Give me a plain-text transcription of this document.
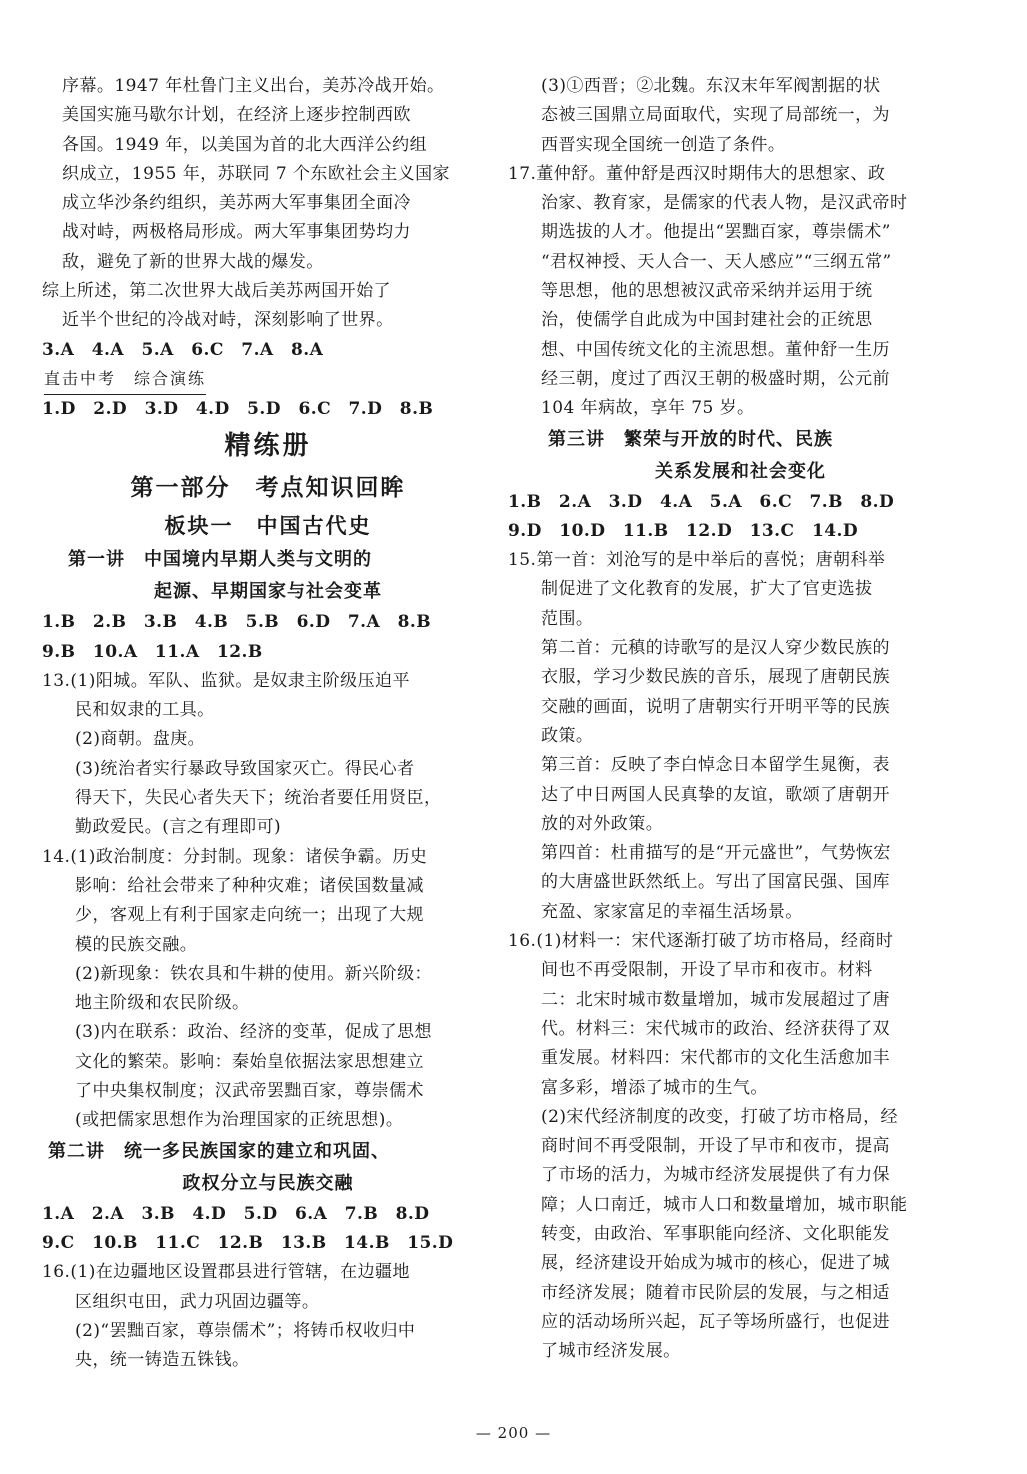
序幕。1947 年杜鲁门主义出台，美苏冷战开始。
美国实施马歇尔计划，在经济上逐步控制西欧
各国。1949 年，以美国为首的北大西洋公约组
织成立，1955 年，苏联同 7 个东欧社会主义国家
成立华沙条约组织，美苏两大军事集团全面冷
战对峙，两极格局形成。两大军事集团势均力
敌，避免了新的世界大战的爆发。
综上所述，第二次世界大战后美苏两国开始了
近半个世纪的冷战对峙，深刻影响了世界。
3.A　4.A　5.A　6.C　7.A　8.A
直击中考　综合演练
1.D　2.D　3.D　4.D　5.D　6.C　7.D　8.B
精练册
第一部分　考点知识回眸
板块一　中国古代史
第一讲　中国境内早期人类与文明的
起源、早期国家与社会变革
1.B　2.B　3.B　4.B　5.B　6.D　7.A　8.B
9.B　10.A　11.A　12.B
13.(1)阳城。军队、监狱。是奴隶主阶级压迫平
民和奴隶的工具。
(2)商朝。盘庚。
(3)统治者实行暴政导致国家灭亡。得民心者
得天下，失民心者失天下；统治者要任用贤臣，
勤政爱民。(言之有理即可)
14.(1)政治制度：分封制。现象：诸侯争霸。历史
影响：给社会带来了种种灾难；诸侯国数量减
少，客观上有利于国家走向统一；出现了大规
模的民族交融。
(2)新现象：铁农具和牛耕的使用。新兴阶级：
地主阶级和农民阶级。
(3)内在联系：政治、经济的变革，促成了思想
文化的繁荣。影响：秦始皇依据法家思想建立
了中央集权制度；汉武帝罢黜百家，尊崇儒术
(或把儒家思想作为治理国家的正统思想)。
第二讲　统一多民族国家的建立和巩固、
政权分立与民族交融
1.A　2.A　3.B　4.D　5.D　6.A　7.B　8.D
9.C　10.B　11.C　12.B　13.B　14.B　15.D
16.(1)在边疆地区设置郡县进行管辖，在边疆地
区组织屯田，武力巩固边疆等。
(2)“罢黜百家，尊崇儒术”；将铸币权收归中
央，统一铸造五铢钱。
(3)①西晋；②北魏。东汉末年军阀割据的状
态被三国鼎立局面取代，实现了局部统一，为
西晋实现全国统一创造了条件。
17.董仲舒。董仲舒是西汉时期伟大的思想家、政
治家、教育家，是儒家的代表人物，是汉武帝时
期选拔的人才。他提出“罢黜百家，尊崇儒术”
“君权神授、天人合一、天人感应”“三纲五常”
等思想，他的思想被汉武帝采纳并运用于统
治，使儒学自此成为中国封建社会的正统思
想、中国传统文化的主流思想。董仲舒一生历
经三朝，度过了西汉王朝的极盛时期，公元前
104 年病故，享年 75 岁。
第三讲　繁荣与开放的时代、民族
关系发展和社会变化
1.B　2.A　3.D　4.A　5.A　6.C　7.B　8.D
9.D　10.D　11.B　12.D　13.C　14.D
15.第一首：刘沧写的是中举后的喜悦；唐朝科举
制促进了文化教育的发展，扩大了官吏选拔
范围。
第二首：元稹的诗歌写的是汉人穿少数民族的
衣服，学习少数民族的音乐，展现了唐朝民族
交融的画面，说明了唐朝实行开明平等的民族
政策。
第三首：反映了李白悼念日本留学生晁衡，表
达了中日两国人民真挚的友谊，歌颂了唐朝开
放的对外政策。
第四首：杜甫描写的是“开元盛世”，气势恢宏
的大唐盛世跃然纸上。写出了国富民强、国库
充盈、家家富足的幸福生活场景。
16.(1)材料一：宋代逐渐打破了坊市格局，经商时
间也不再受限制，开设了早市和夜市。材料
二：北宋时城市数量增加，城市发展超过了唐
代。材料三：宋代城市的政治、经济获得了双
重发展。材料四：宋代都市的文化生活愈加丰
富多彩，增添了城市的生气。
(2)宋代经济制度的改变，打破了坊市格局，经
商时间不再受限制，开设了早市和夜市，提高
了市场的活力，为城市经济发展提供了有力保
障；人口南迁，城市人口和数量增加，城市职能
转变，由政治、军事职能向经济、文化职能发
展，经济建设开始成为城市的核心，促进了城
市经济发展；随着市民阶层的发展，与之相适
应的活动场所兴起，瓦子等场所盛行，也促进
了城市经济发展。
— 200 —
